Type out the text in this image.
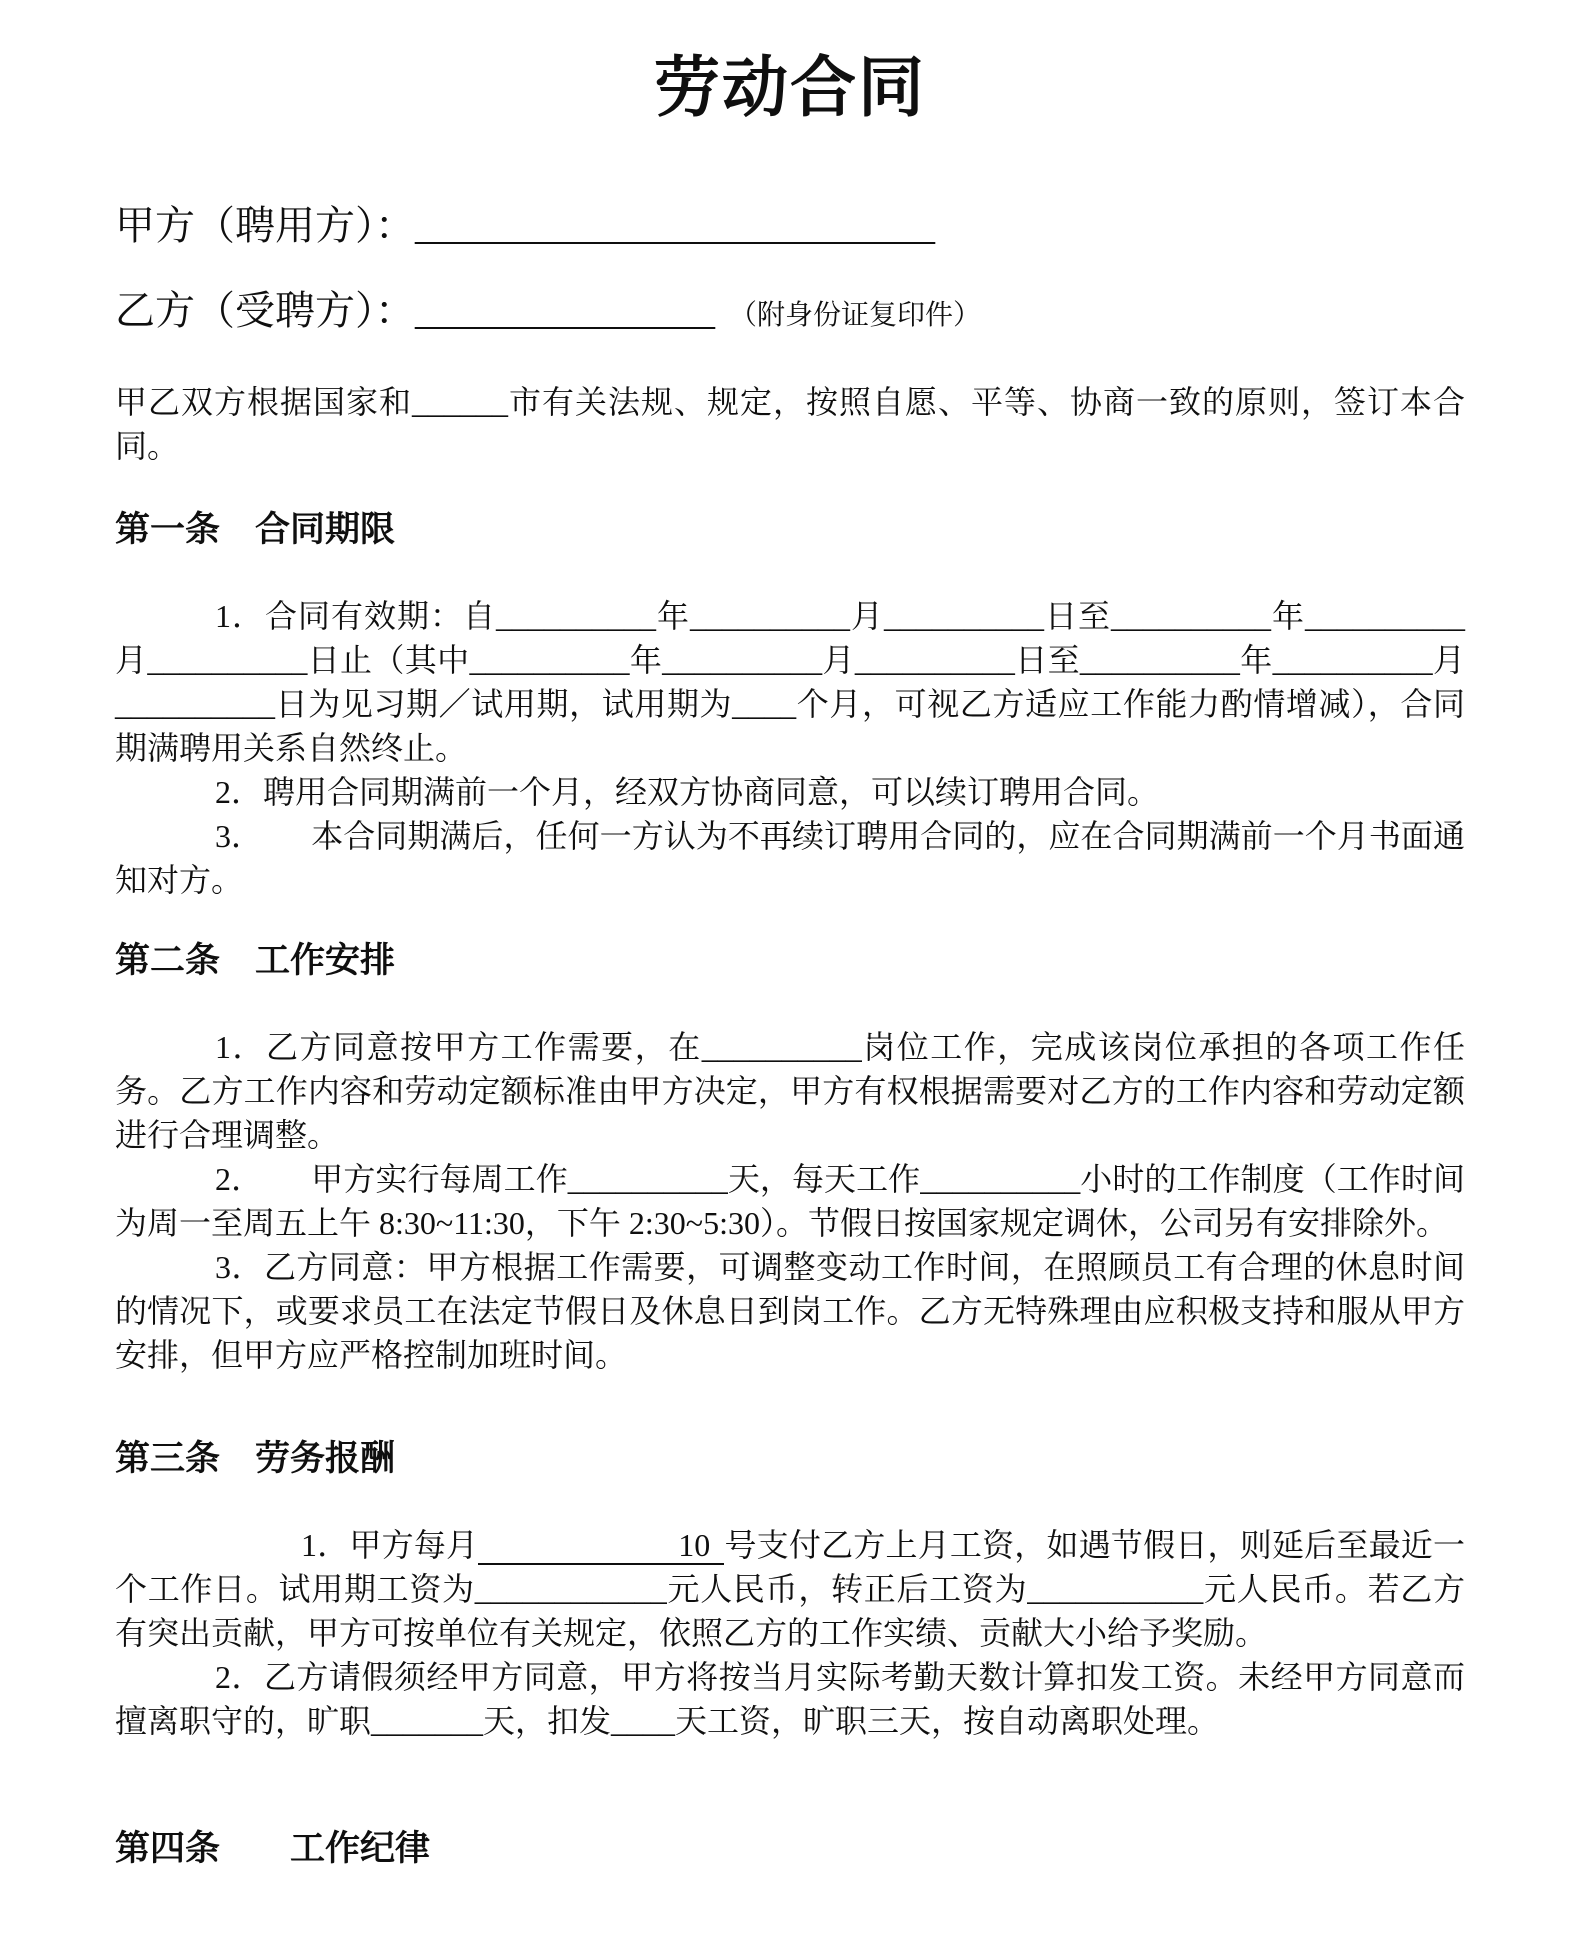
劳动合同
甲方（聘用方）：__________________________
乙方（受聘方）：_______________ （附身份证复印件）

甲乙双方根据国家和______市有关法规、规定，按照自愿、平等、协商一致的原则，签订本合同。

第一条　合同期限

1．合同有效期：自__________年__________月__________日至__________年__________月__________日止（其中__________年__________月__________日至__________年__________月__________日为见习期／试用期，试用期为____个月，可视乙方适应工作能力酌情增减），合同期满聘用关系自然终止。

2．聘用合同期满前一个月，经双方协商同意，可以续订聘用合同。

3．　　本合同期满后，任何一方认为不再续订聘用合同的，应在合同期满前一个月书面通知对方。

第二条　工作安排

1．乙方同意按甲方工作需要，在__________岗位工作，完成该岗位承担的各项工作任务。乙方工作内容和劳动定额标准由甲方决定，甲方有权根据需要对乙方的工作内容和劳动定额进行合理调整。

2．　　甲方实行每周工作__________天，每天工作__________小时的工作制度（工作时间为周一至周五上午 8:30~11:30，下午 2:30~5:30）。节假日按国家规定调休，公司另有安排除外。

3．乙方同意：甲方根据工作需要，可调整变动工作时间，在照顾员工有合理的休息时间的情况下，或要求员工在法定节假日及休息日到岗工作。乙方无特殊理由应积极支持和服从甲方安排，但甲方应严格控制加班时间。

第三条　劳务报酬

1．甲方每月	10 号支付乙方上月工资，如遇节假日，则延后至最近一个工作日。试用期工资为____________元人民币，转正后工资为___________元人民币。若乙方有突出贡献，甲方可按单位有关规定，依照乙方的工作实绩、贡献大小给予奖励。

2．乙方请假须经甲方同意，甲方将按当月实际考勤天数计算扣发工资。未经甲方同意而擅离职守的，旷职_______天，扣发____天工资，旷职三天，按自动离职处理。

第四条　　工作纪律
